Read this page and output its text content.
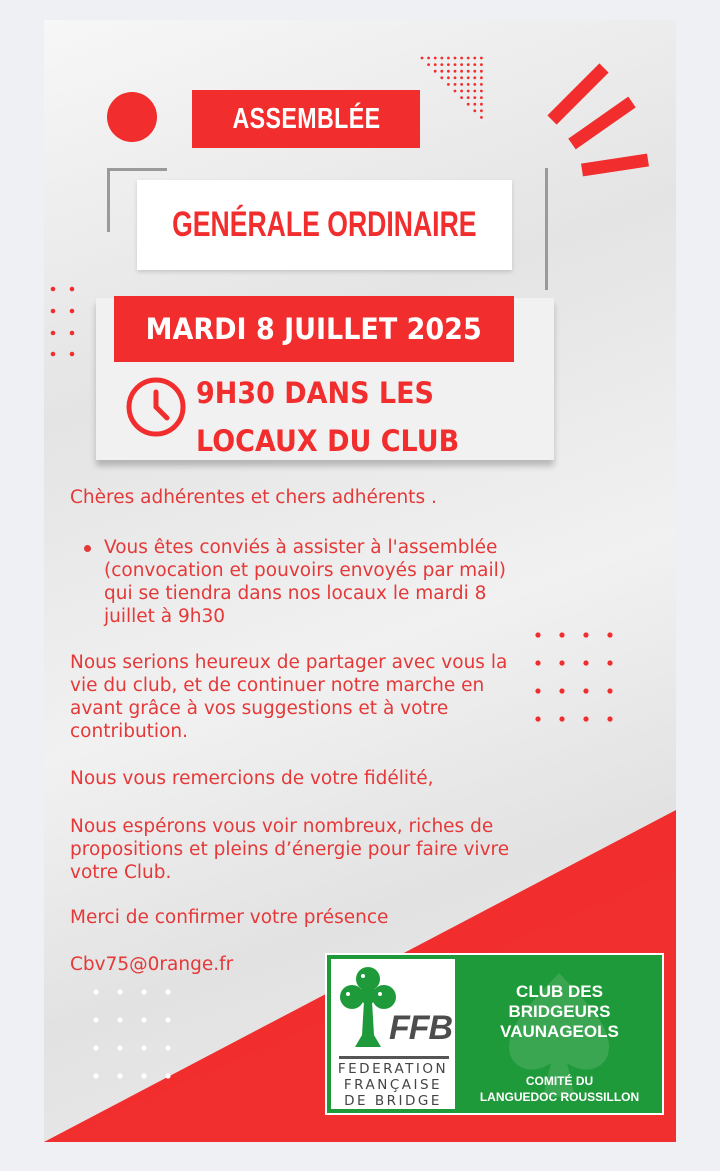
ASSEMBLÉE
GENÉRALE ORDINAIRE
MARDI 8 JUILLET 2025
9H30 DANS LES
LOCAUX DU CLUB

Chères adhérentes et chers adhérents .

Vous êtes conviés à assister à l'assemblée (convocation et pouvoirs envoyés par mail) qui se tiendra dans nos locaux le mardi 8 juillet à 9h30

Nous serions heureux de partager avec vous la vie du club, et de continuer notre marche en avant grâce à vos suggestions et à votre contribution.

Nous vous remercions de votre fidélité,

Nous espérons vous voir nombreux, riches de propositions et pleins d’énergie pour faire vivre votre Club.

Merci de confirmer votre présence

Cbv75@0range.fr

FFB
FEDERATION
FRANÇAISE
DE BRIDGE
CLUB DES
BRIDGEURS
VAUNAGEOLS
COMITÉ DU
LANGUEDOC ROUSSILLON
